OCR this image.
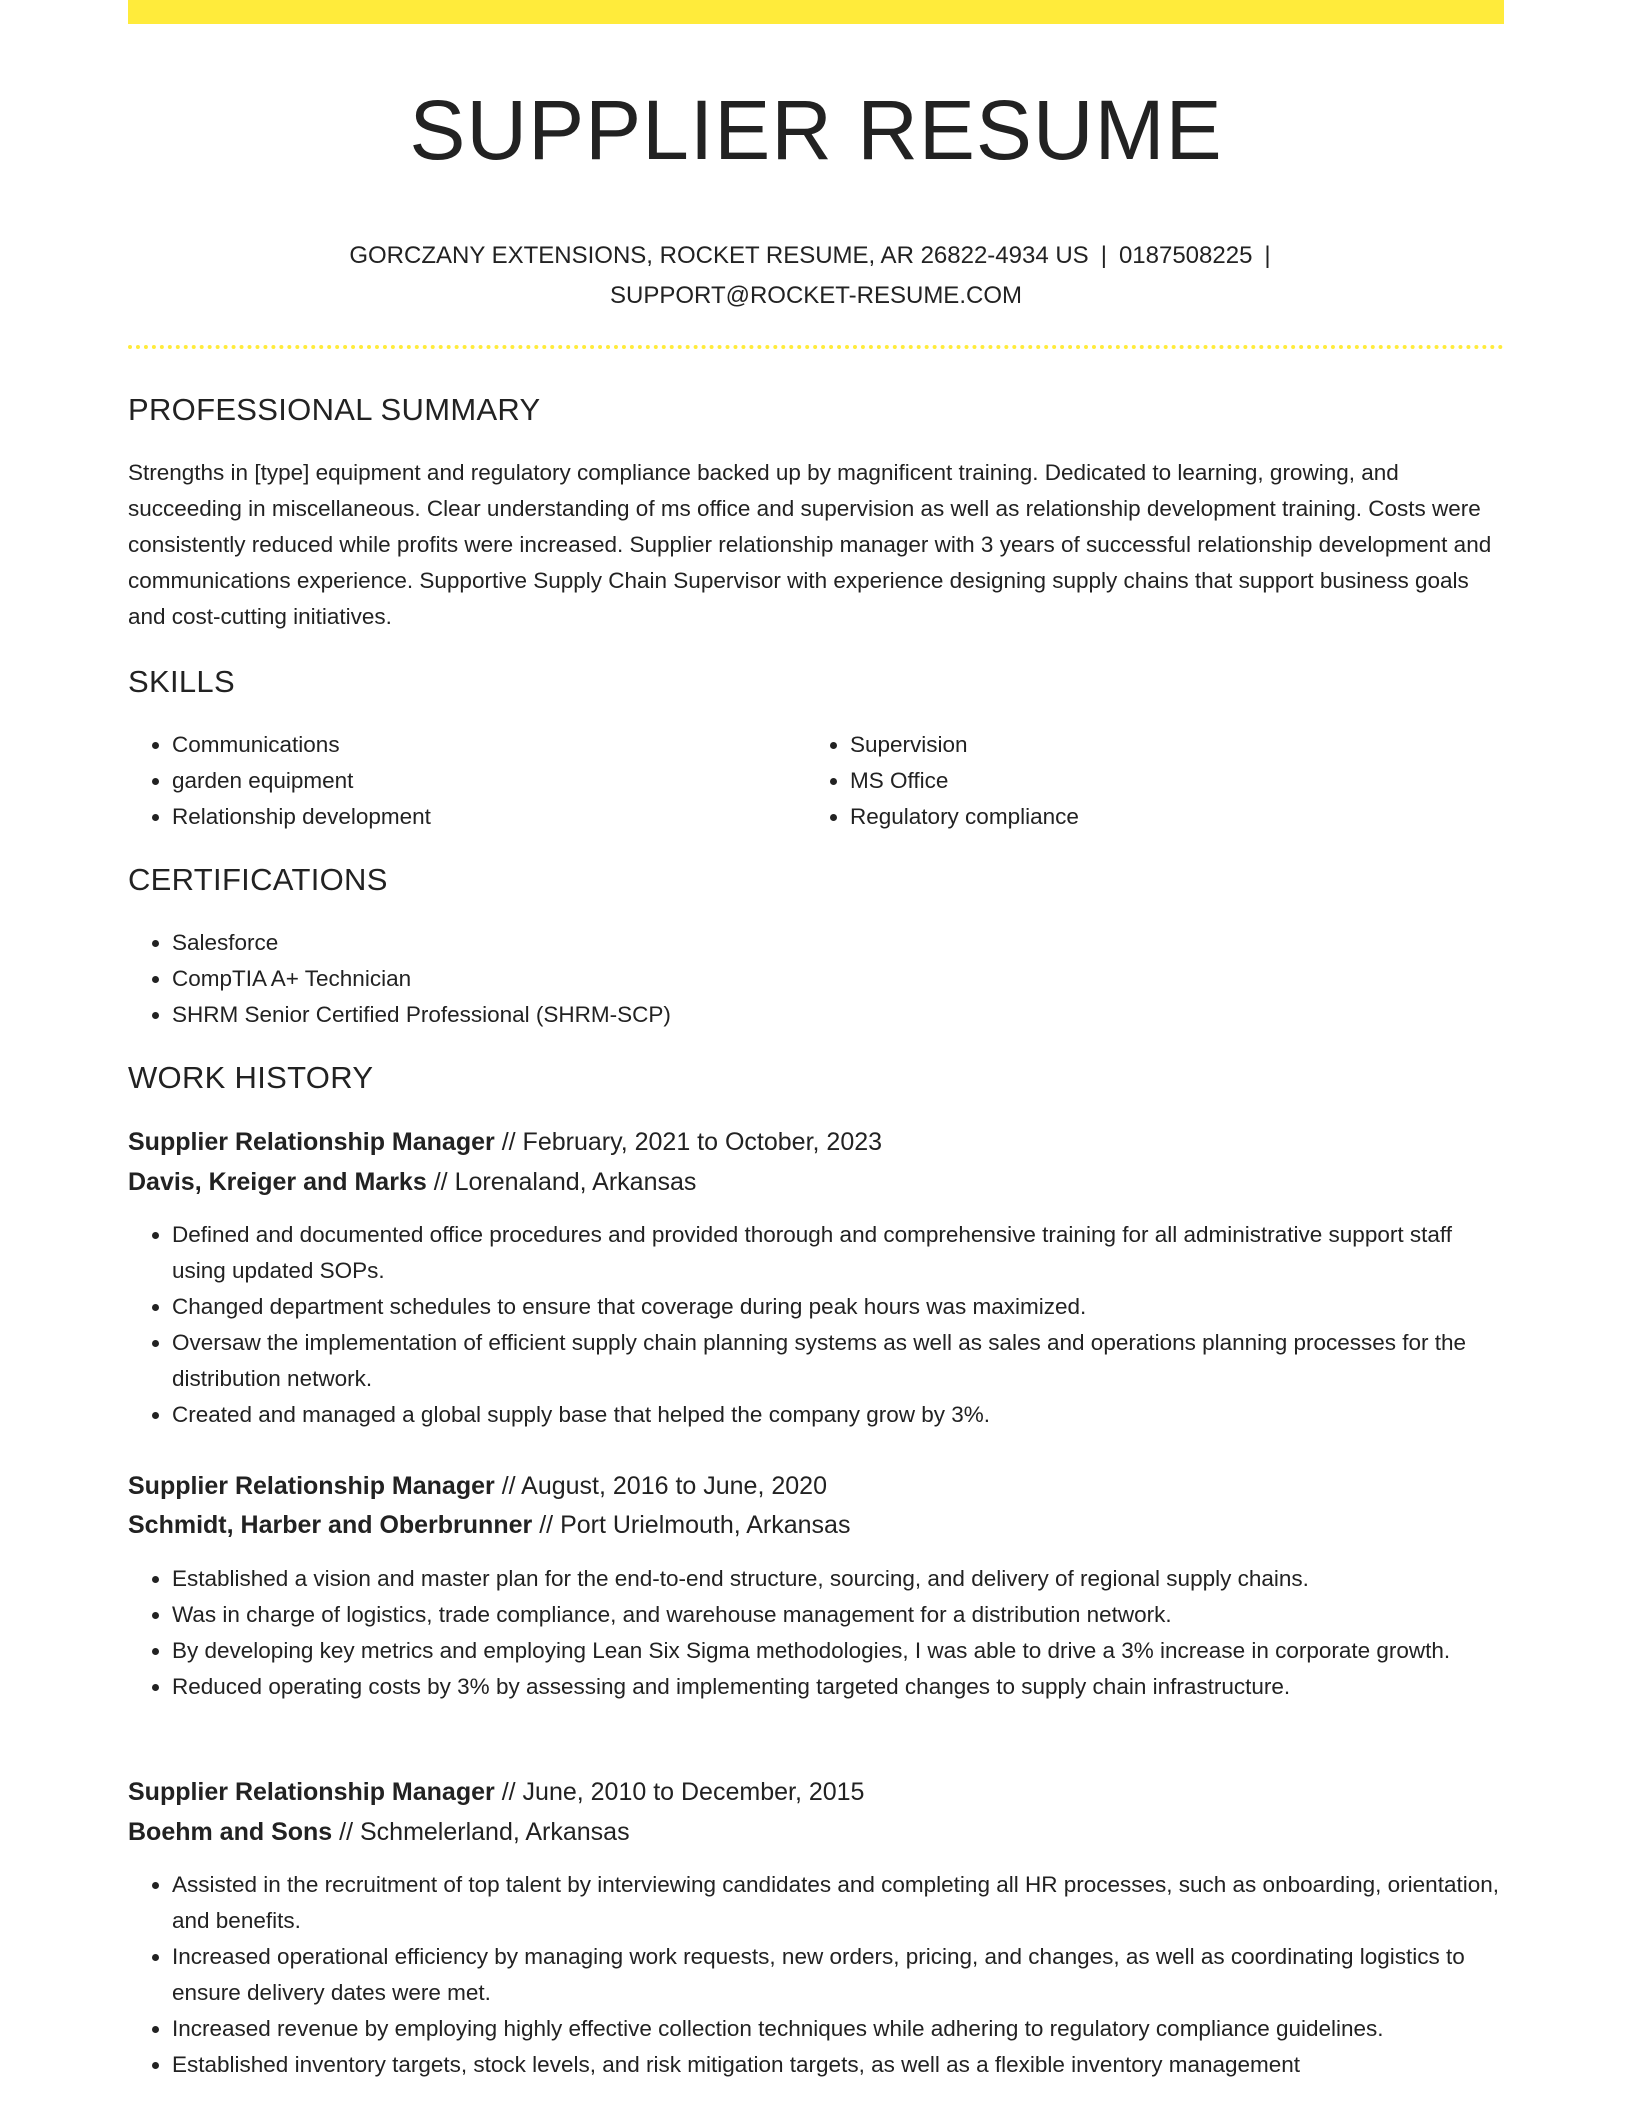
SUPPLIER RESUME
GORCZANY EXTENSIONS, ROCKET RESUME, AR 26822-4934 US | 0187508225 |
SUPPORT@ROCKET-RESUME.COM
PROFESSIONAL SUMMARY

Strengths in [type] equipment and regulatory compliance backed up by magnificent training. Dedicated to learning, growing, and succeeding in miscellaneous. Clear understanding of ms office and supervision as well as relationship development training. Costs were consistently reduced while profits were increased. Supplier relationship manager with 3 years of successful relationship development and communications experience. Supportive Supply Chain Supervisor with experience designing supply chains that support business goals and cost-cutting initiatives.

SKILLS
• Communications
• garden equipment
• Relationship development
• Supervision
• MS Office
• Regulatory compliance
CERTIFICATIONS
• Salesforce
• CompTIA A+ Technician
• SHRM Senior Certified Professional (SHRM-SCP)
WORK HISTORY
Supplier Relationship Manager // February, 2021 to October, 2023
Davis, Kreiger and Marks // Lorenaland, Arkansas
• Defined and documented office procedures and provided thorough and comprehensive training for all administrative support staff using updated SOPs.
• Changed department schedules to ensure that coverage during peak hours was maximized.
• Oversaw the implementation of efficient supply chain planning systems as well as sales and operations planning processes for the distribution network.
• Created and managed a global supply base that helped the company grow by 3%.
Supplier Relationship Manager // August, 2016 to June, 2020
Schmidt, Harber and Oberbrunner // Port Urielmouth, Arkansas
• Established a vision and master plan for the end-to-end structure, sourcing, and delivery of regional supply chains.
• Was in charge of logistics, trade compliance, and warehouse management for a distribution network.
• By developing key metrics and employing Lean Six Sigma methodologies, I was able to drive a 3% increase in corporate growth.
• Reduced operating costs by 3% by assessing and implementing targeted changes to supply chain infrastructure.
Supplier Relationship Manager // June, 2010 to December, 2015
Boehm and Sons // Schmelerland, Arkansas
• Assisted in the recruitment of top talent by interviewing candidates and completing all HR processes, such as onboarding, orientation, and benefits.
• Increased operational efficiency by managing work requests, new orders, pricing, and changes, as well as coordinating logistics to ensure delivery dates were met.
• Increased revenue by employing highly effective collection techniques while adhering to regulatory compliance guidelines.
• Established inventory targets, stock levels, and risk mitigation targets, as well as a flexible inventory management
